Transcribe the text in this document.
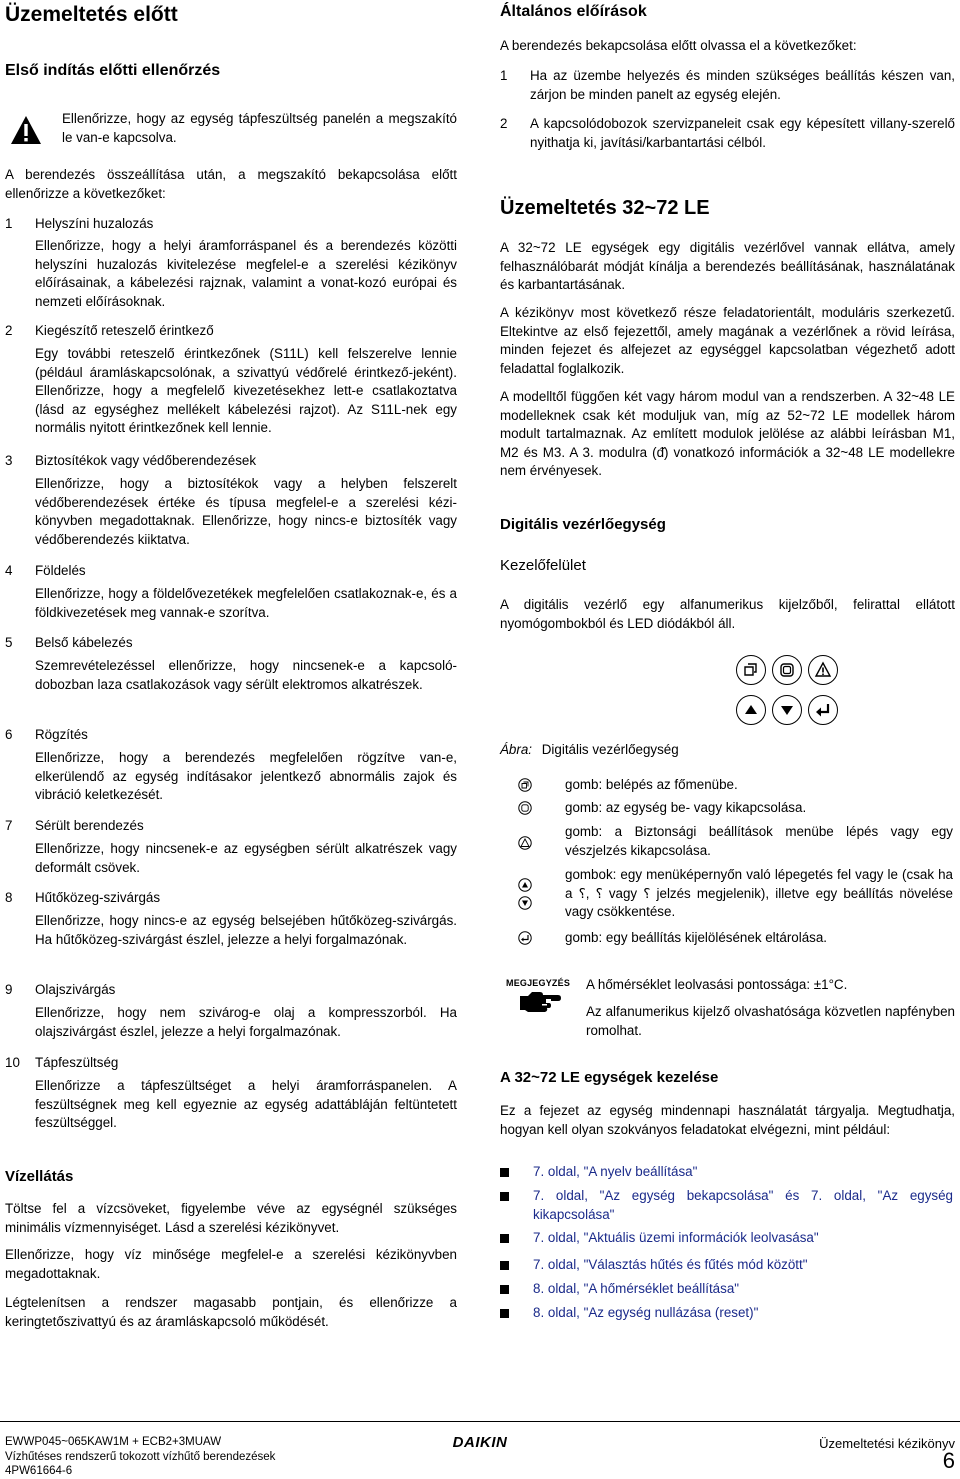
Üzemeltetés előtt
Első indítás előtti ellenőrzés

Ellenőrizze, hogy az egység tápfeszültség panelén a megszakító le van-e kapcsolva.

A berendezés összeállítása után, a megszakító bekapcsolása előtt ellenőrizze a következőket:

1	Helyszíni huzalozás

Ellenőrizze, hogy a helyi áramforráspanel és a berendezés közötti helyszíni huzalozás kivitelezése megfelel-e a szerelési kézikönyv előírásainak, a kábelezési rajznak, valamint a vonat-kozó európai és nemzeti előírásoknak.

2	Kiegészítő reteszelő érintkező

Egy további reteszelő érintkezőnek (S11L) kell felszerelve lennie (például áramláskapcsolónak, a szivattyú védőrelé érintkező-jeként). Ellenőrizze, hogy a megfelelő kivezetésekhez lett-e csatlakoztatva (lásd az egységhez mellékelt kábelezési rajzot). Az S11L-nek egy normális nyitott érintkezőnek kell lennie.

3	Biztosítékok vagy védőberendezések

Ellenőrizze, hogy a biztosítékok vagy a helyben felszerelt védőberendezések értéke és típusa megfelel-e a szerelési kézi-könyvben megadottaknak. Ellenőrizze, hogy nincs-e biztosíték vagy védőberendezés kiiktatva.

4	Földelés

Ellenőrizze, hogy a földelővezetékek megfelelően csatlakoznak-e, és a földkivezetések meg vannak-e szorítva.

5	Belső kábelezés

Szemrevételezéssel ellenőrizze, hogy nincsenek-e a kapcsoló-dobozban laza csatlakozások vagy sérült elektromos alkatrészek.

6	Rögzítés

Ellenőrizze, hogy a berendezés megfelelően rögzítve van-e, elkerülendő az egység indításakor jelentkező abnormális zajok és vibráció keletkezését.

7	Sérült berendezés

Ellenőrizze, hogy nincsenek-e az egységben sérült alkatrészek vagy deformált csövek.

8	Hűtőközeg-szivárgás

Ellenőrizze, hogy nincs-e az egység belsejében hűtőközeg-szivárgás. Ha hűtőközeg-szivárgást észlel, jelezze a helyi forgalmazónak.

9	Olajszivárgás

Ellenőrizze, hogy nem szivárog-e olaj a kompresszorból. Ha olajszivárgást észlel, jelezze a helyi forgalmazónak.

10	Tápfeszültség

Ellenőrizze a tápfeszültséget a helyi áramforráspanelen. A feszültségnek meg kell egyeznie az egység adattábláján feltüntetett feszültséggel.

Vízellátás

Töltse fel a vízcsöveket, figyelembe véve az egységnél szükséges minimális vízmennyiséget. Lásd a szerelési kézikönyvet.

Ellenőrizze, hogy víz minősége megfelel-e a szerelési kézikönyvben megadottaknak.

Légtelenítsen a rendszer magasabb pontjain, és ellenőrizze a keringtetőszivattyú és az áramláskapcsoló működését.

Általános előírások

A berendezés bekapcsolása előtt olvassa el a következőket:

1 Ha az üzembe helyezés és minden szükséges beállítás készen van, zárjon be minden panelt az egység elején.

2 A kapcsolódobozok szervizpaneleit csak egy képesített villany-szerelő nyithatja ki, javítási/karbantartási célból.

Üzemeltetés 32~72 LE

A 32~72 LE egységek egy digitális vezérlővel vannak ellátva, amely felhasználóbarát módját kínálja a berendezés beállításának, használatának és karbantartásának.

A kézikönyv most következő része feladatorientált, moduláris szerkezetű. Eltekintve az első fejezettől, amely magának a vezérlőnek a rövid leírása, minden fejezet és alfejezet az egységgel kapcsolatban végezhető adott feladattal foglalkozik.

A modelltől függően két vagy három modul van a rendszerben. A 32~48 LE modelleknek csak két moduljuk van, míg az 52~72 LE modellek három modult tartalmaznak. Az említett modulok jelölése az alábbi leírásban M1, M2 és M3. A 3. modulra (ᵭ) vonatkozó információk a 32~48 LE modellekre nem érvényesek.

Digitális vezérlőegység

Kezelőfelület

A digitális vezérlő egy alfanumerikus kijelzőből, felirattal ellátott nyomógombokból és LED diódákból áll.

Ábra: Digitális vezérlőegység

gomb: belépés az főmenübe.
gomb: az egység be- vagy kikapcsolása.
gomb: a Biztonsági beállítások menübe lépés vagy egy vészjelzés kikapcsolása.
gombok: egy menüképernyőn való lépegetés fel vagy le (csak ha a ⸮, ⸮ vagy ⸮ jelzés megjelenik), illetve egy beállítás növelése vagy csökkentése.
gomb: egy beállítás kijelölésének eltárolása.
MEGJEGYZÉS A hőmérséklet leolvasási pontossága: ±1°C.

Az alfanumerikus kijelző olvashatósága közvetlen napfényben romolhat.

A 32~72 LE egységek kezelése

Ez a fejezet az egység mindennapi használatát tárgyalja. Megtudhatja, hogyan kell olyan szokványos feladatokat elvégezni, mint például:

7. oldal, "A nyelv beállítása"
7. oldal, "Az egység bekapcsolása" és 7. oldal, "Az egység kikapcsolása"
7. oldal, "Aktuális üzemi információk leolvasása"
7. oldal, "Választás hűtés és fűtés mód között"
8. oldal, "A hőmérséklet beállítása"
8. oldal, "Az egység nullázása (reset)"
EWWP045~065KAW1M + ECB2+3MUAW
Vízhűtéses rendszerű tokozott vízhűtő berendezések
4PW61664-6
DAIKIN	Üzemeltetési kézikönyv
6
